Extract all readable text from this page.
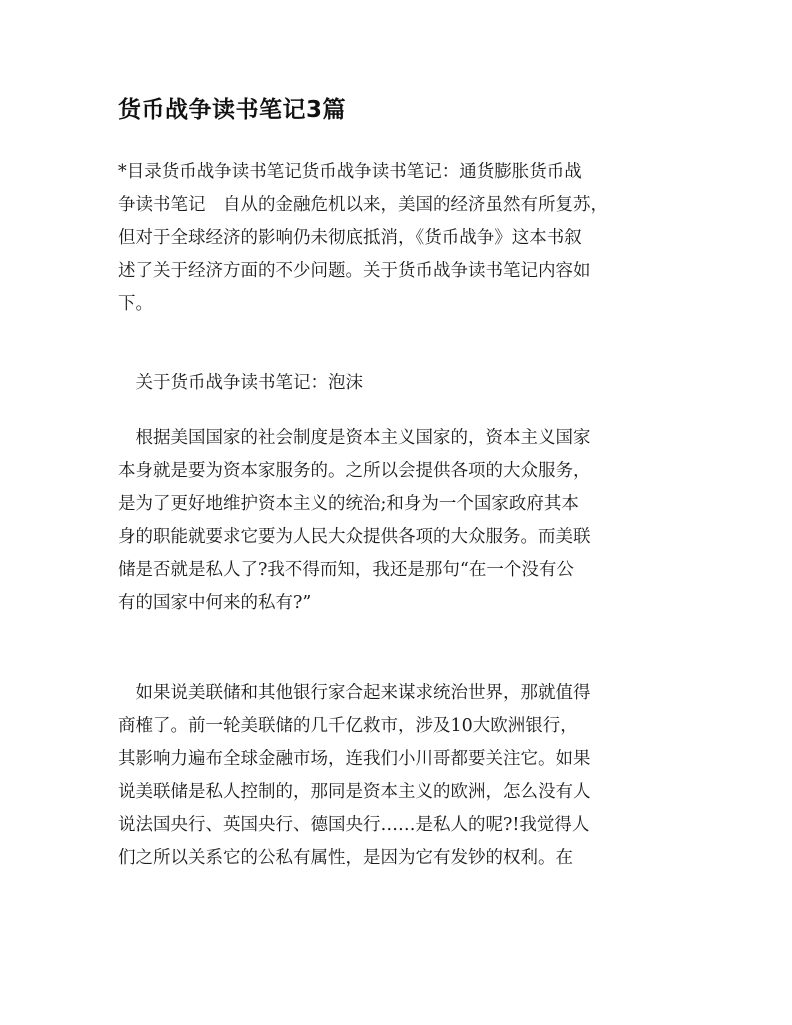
货币战争读书笔记3篇
*目录货币战争读书笔记货币战争读书笔记：通货膨胀货币战
争读书笔记　自从的金融危机以来，美国的经济虽然有所复苏，
但对于全球经济的影响仍未彻底抵消，《货币战争》这本书叙
述了关于经济方面的不少问题。关于货币战争读书笔记内容如
下。
　关于货币战争读书笔记：泡沫
　根据美国国家的社会制度是资本主义国家的，资本主义国家
本身就是要为资本家服务的。之所以会提供各项的大众服务，
是为了更好地维护资本主义的统治;和身为一个国家政府其本
身的职能就要求它要为人民大众提供各项的大众服务。而美联
储是否就是私人了?我不得而知，我还是那句“在一个没有公
有的国家中何来的私有?”
　如果说美联储和其他银行家合起来谋求统治世界，那就值得
商榷了。前一轮美联储的几千亿救市，涉及10大欧洲银行，
其影响力遍布全球金融市场，连我们小川哥都要关注它。如果
说美联储是私人控制的，那同是资本主义的欧洲，怎么没有人
说法国央行、英国央行、德国央行……是私人的呢?!我觉得人
们之所以关系它的公私有属性，是因为它有发钞的权利。在
